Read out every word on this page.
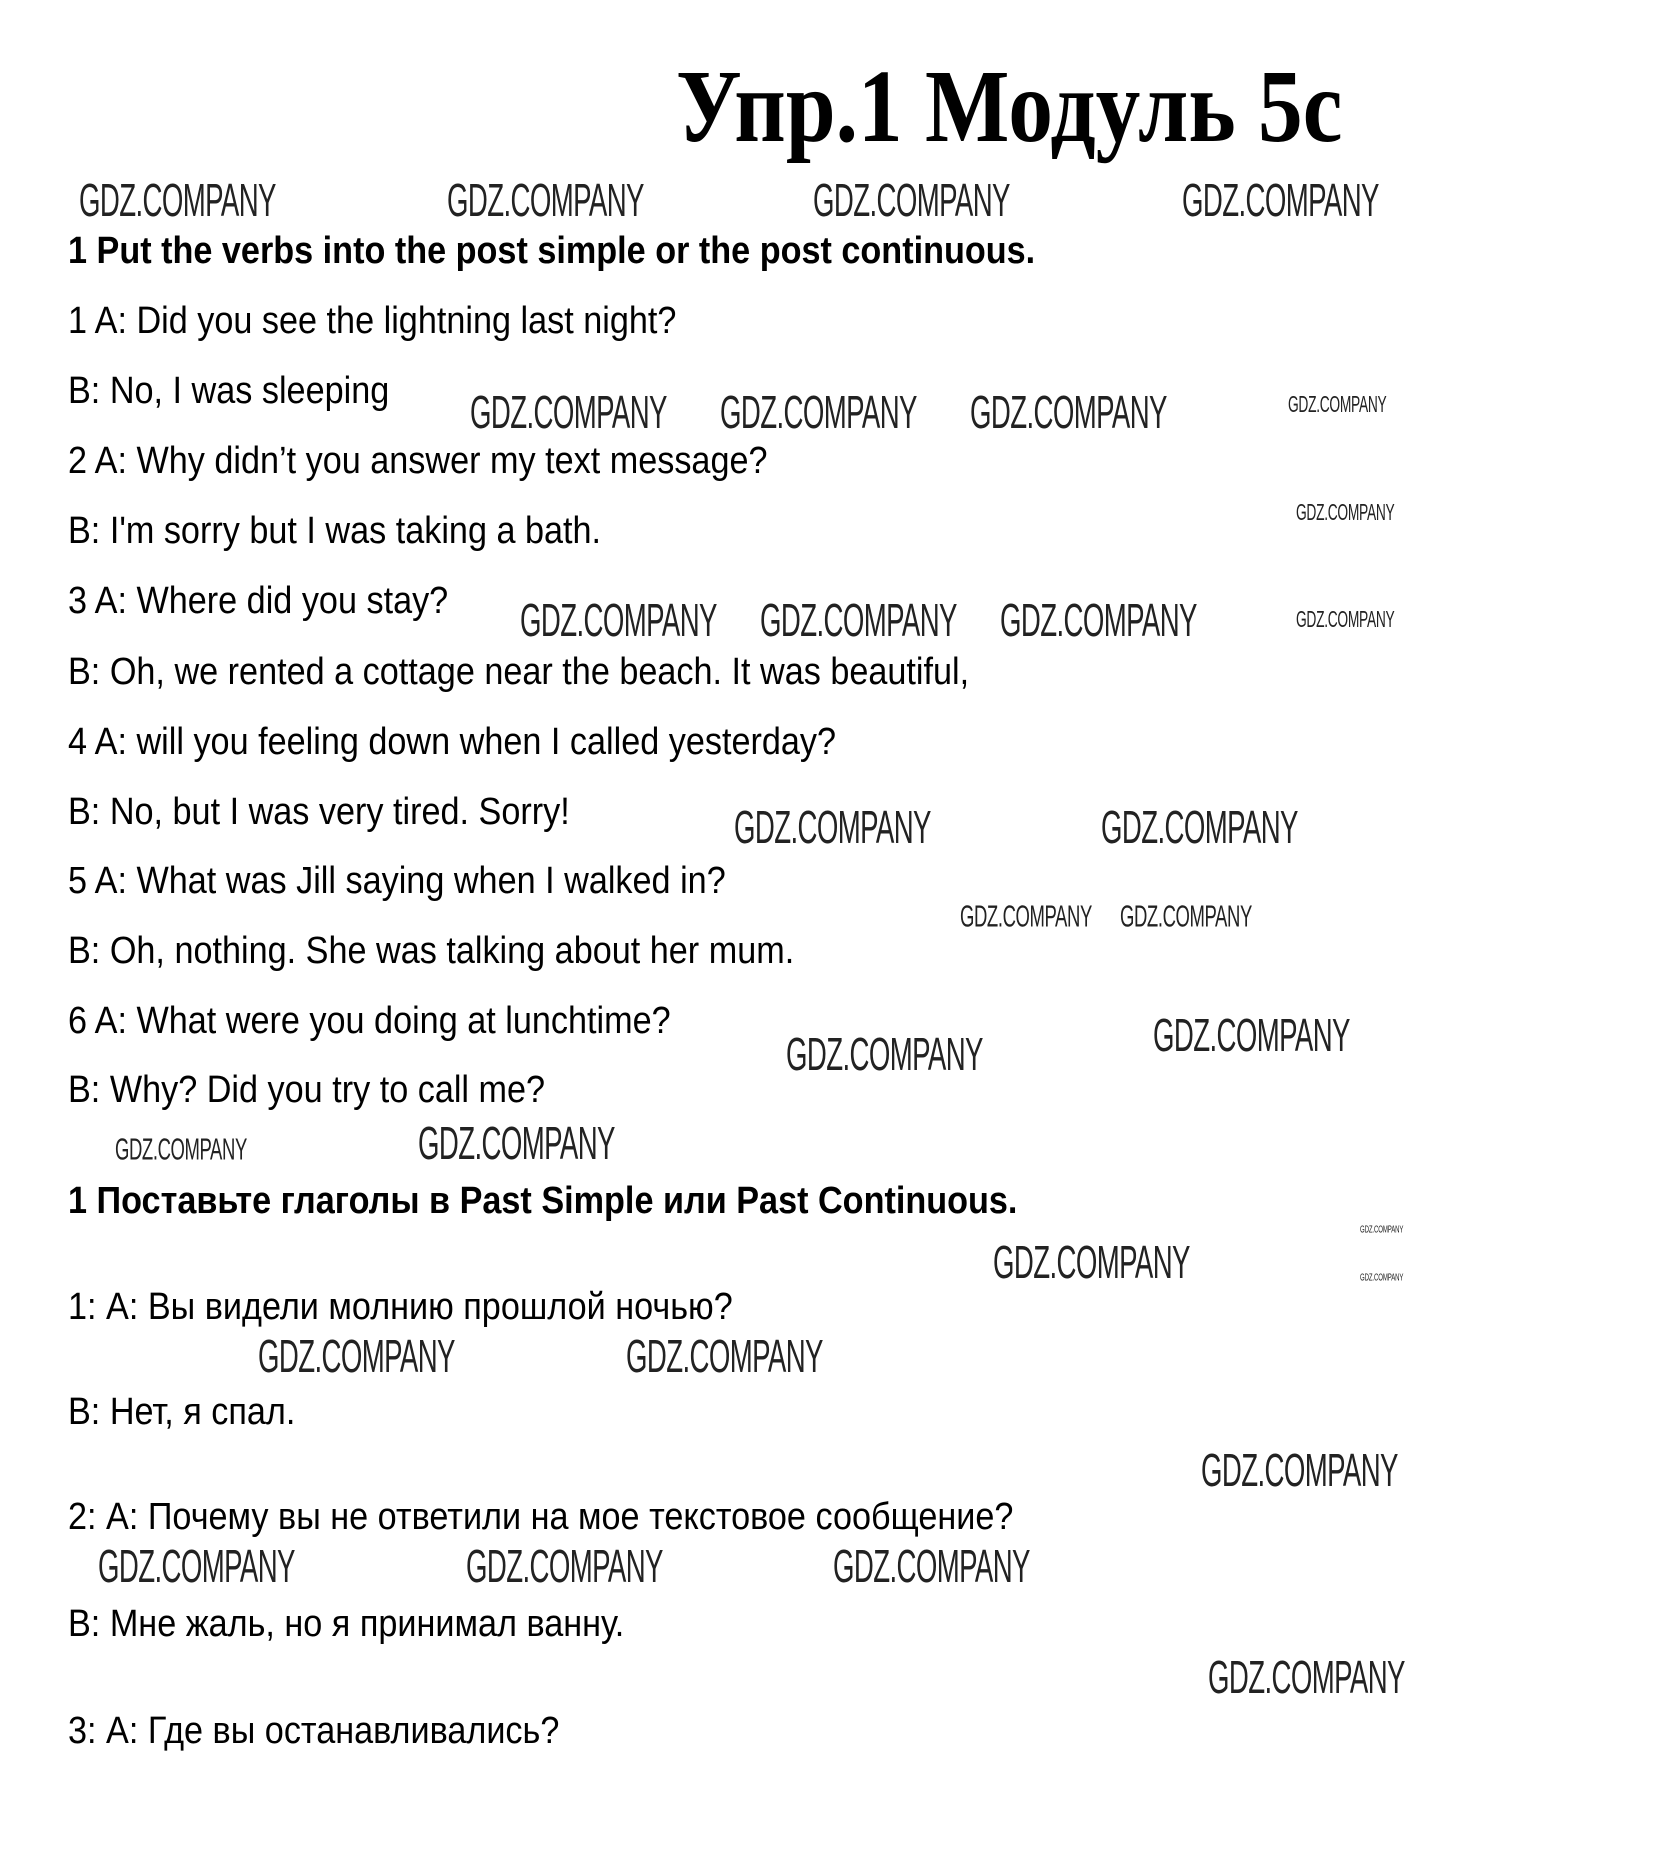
Упр.1 Модуль 5c
1 Put the verbs into the post simple or the post continuous.
1 A: Did you see the lightning last night?
B: No, I was sleeping
2 A: Why didn’t you answer my text message?
B: I'm sorry but I was taking a bath.
3 A: Where did you stay?
B: Oh, we rented a cottage near the beach. It was beautiful,
4 A: will you feeling down when I called yesterday?
B: No, but I was very tired. Sorry!
5 A: What was Jill saying when I walked in?
B: Oh, nothing. She was talking about her mum.
6 A: What were you doing at lunchtime?
B: Why? Did you try to call me?
1 Поставьте глаголы в Past Simple или Past Continuous.
1: А: Вы видели молнию прошлой ночью?
В: Нет, я спал.
2: А: Почему вы не ответили на мое текстовое сообщение?
В: Мне жаль, но я принимал ванну.
3: А: Где вы останавливались?
GDZ.COMPANY	GDZ.COMPANY	GDZ.COMPANY	GDZ.COMPANY
GDZ.COMPANY GDZ.COMPANY GDZ.COMPANY	GDZ.COMPANY
GDZ.COMPANY
GDZ.COMPANY GDZ.COMPANY GDZ.COMPANY GDZ.COMPANY
GDZ.COMPANY	GDZ.COMPANY
GDZ.COMPANY GDZ.COMPANY
GDZ.COMPANY	GDZ.COMPANY
GDZ.COMPANY	GDZ.COMPANY
GDZ.COMPANY
GDZ.COMPANY	GDZ.COMPANY
GDZ.COMPANY	GDZ.COMPANY
GDZ.COMPANY
GDZ.COMPANY	GDZ.COMPANY	GDZ.COMPANY
GDZ.COMPANY
